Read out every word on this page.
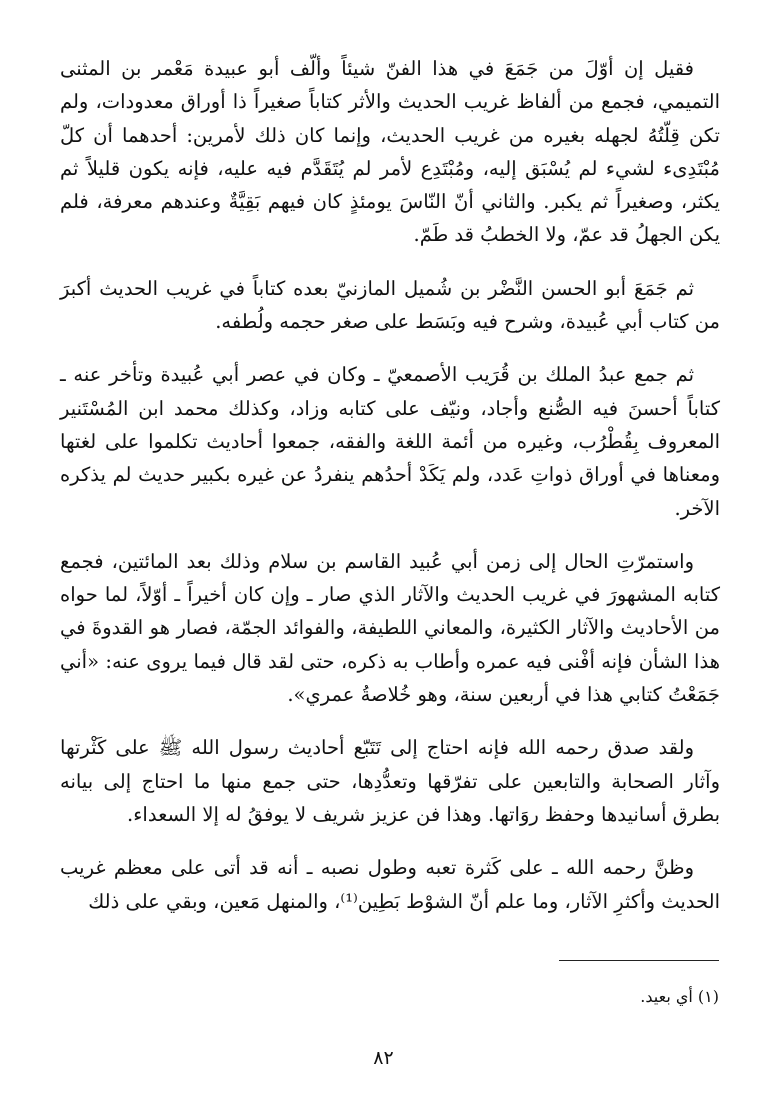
فقيل إن أوّلَ من جَمَعَ في هذا الفنّ شيئاً وألّف أبو عبيدة مَعْمر بن المثنى التميمي، فجمع من ألفاظ غريب الحديث والأثر كتاباً صغيراً ذا أوراق معدودات، ولم تكن قِلّتُهُ لجهله بغيره من غريب الحديث، وإنما كان ذلك لأمرين: أحدهما أن كلّ مُبْتَدِىء لشيء لم يُسْبَق إليه، ومُبْتَدِع لأمر لم يُتَقَدَّم فيه عليه، فإنه يكون قليلاً ثم يكثر، وصغيراً ثم يكبر. والثاني أنّ النّاسَ يومئذٍ كان فيهم بَقِيَّةٌ وعندهم معرفة، فلم يكن الجهلُ قد عمّ، ولا الخطبُ قد طَمّ.

ثم جَمَعَ أبو الحسن النَّضْر بن شُميل المازنيّ بعده كتاباً في غريب الحديث أكبرَ من كتاب أبي عُبيدة، وشرح فيه وبَسَط على صغر حجمه ولُطفه.

ثم جمع عبدُ الملك بن قُرَيب الأصمعيّ ـ وكان في عصر أبي عُبيدة وتأخر عنه ـ كتاباً أحسنَ فيه الصُّنع وأجاد، ونيّف على كتابه وزاد، وكذلك محمد ابن المُسْتَنير المعروف بِقُطْرُب، وغيره من أئمة اللغة والفقه، جمعوا أحاديث تكلموا على لغتها ومعناها في أوراق ذواتِ عَدد، ولم يَكَدْ أحدُهم ينفردُ عن غيره بكبير حديث لم يذكره الآخر.

واستمرّتِ الحال إلى زمن أبي عُبيد القاسم بن سلام وذلك بعد المائتين، فجمع كتابه المشهورَ في غريب الحديث والآثار الذي صار ـ وإن كان أخيراً ـ أوّلاً، لما حواه من الأحاديث والآثار الكثيرة، والمعاني اللطيفة، والفوائد الجمّة، فصار هو القدوةَ في هذا الشأن فإنه أفْنى فيه عمره وأطاب به ذكره، حتى لقد قال فيما يروى عنه: «أني جَمَعْتُ كتابي هذا في أربعين سنة، وهو خُلاصةُ عمري».

ولقد صدق رحمه الله فإنه احتاج إلى تَتَبّع أحاديث رسول الله ﷺ على كَثْرتها وآثار الصحابة والتابعين على تفرّقها وتعدُّدِها، حتى جمع منها ما احتاج إلى بيانه بطرق أسانيدها وحفظ روَاتها. وهذا فن عزيز شريف لا يوفقُ له إلا السعداء.

وظنَّ رحمه الله ـ على كَثرة تعبه وطول نصبه ـ أنه قد أتى على معظم غريب الحديث وأكثرِ الآثار، وما علم أنّ الشوْط بَطِين⁽¹⁾، والمنهل مَعين، وبقي على ذلك

(١) أي بعيد.
٨٢
